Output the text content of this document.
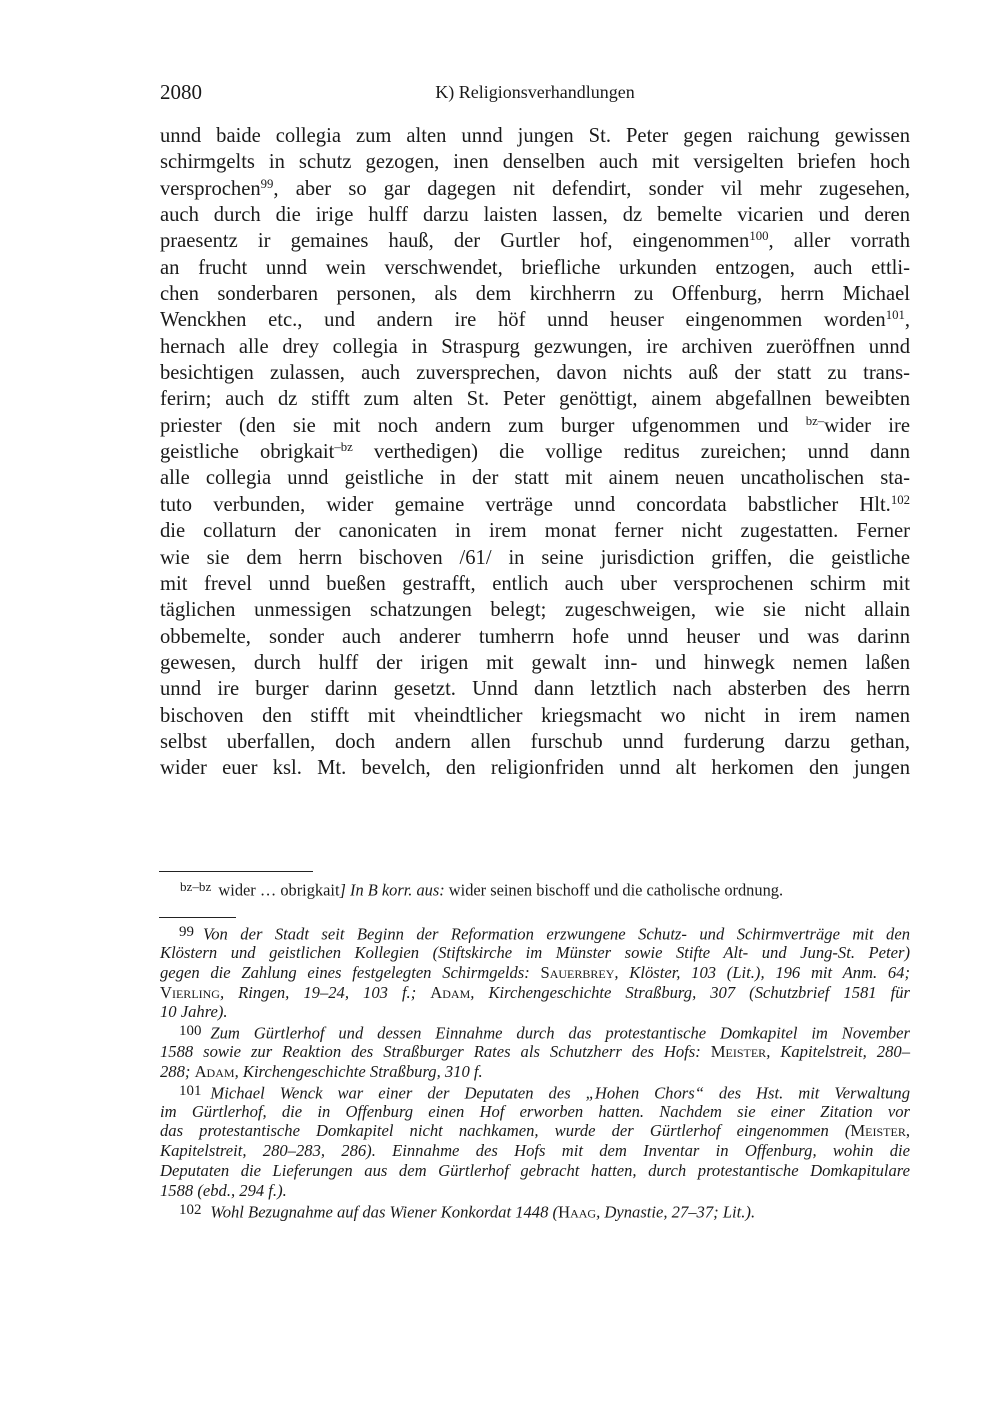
2080	K) Religionsverhandlungen
unnd baide collegia zum alten unnd jungen St. Peter gegen raichung gewissen
schirmgelts in schutz gezogen, inen denselben auch mit versigelten briefen hoch
versprochen$^{99}$, aber so gar dagegen nit defendirt, sonder vil mehr zugesehen,
auch durch die irige hulff darzu laisten lassen, dz bemelte vicarien und deren
praesentz ir gemaines hauß, der Gurtler hof, eingenommen$^{100}$, aller vorrath
an frucht unnd wein verschwendet, briefliche urkunden entzogen, auch ettli-
chen sonderbaren personen, als dem kirchherrn zu Offenburg, herrn Michael
Wenckhen etc., und andern ire höf unnd heuser eingenommen worden$^{101}$,
hernach alle drey collegia in Straspurg gezwungen, ire archiven zueröffnen unnd
besichtigen zulassen, auch zuversprechen, davon nichts auß der statt zu trans-
ferirn; auch dz stifft zum alten St. Peter genöttigt, ainem abgefallnen beweibten
priester (den sie mit noch andern zum burger ufgenommen und $^{bz-}$wider ire
geistliche obrigkait$^{-bz}$ verthedigen) die vollige reditus zureichen; unnd dann
alle collegia unnd geistliche in der statt mit ainem neuen uncatholischen sta-
tuto verbunden, wider gemaine verträge unnd concordata babstlicher Hlt.$^{102}$
die collaturn der canonicaten in irem monat ferner nicht zugestatten. Ferner
wie sie dem herrn bischoven /61/ in seine jurisdiction griffen, die geistliche
mit frevel unnd bueßen gestrafft, entlich auch uber versprochenen schirm mit
täglichen unmessigen schatzungen belegt; zugeschweigen, wie sie nicht allain
obbemelte, sonder auch anderer tumherrn hofe unnd heuser und was darinn
gewesen, durch hulff der irigen mit gewalt inn- und hinwegk nemen laßen
unnd ire burger darinn gesetzt. Unnd dann letztlich nach absterben des herrn
bischoven den stifft mit vheindtlicher kriegsmacht wo nicht in irem namen
selbst uberfallen, doch andern allen furschub unnd furderung darzu gethan,
wider euer ksl. Mt. bevelch, den religionfriden unnd alt herkomen den jungen
$^{bz-bz}$ wider … obrigkait] In B korr. aus: wider seinen bischoff und die catholische ordnung.
99 Von der Stadt seit Beginn der Reformation erzwungene Schutz- und Schirmverträge mit den
Klöstern und geistlichen Kollegien (Stiftskirche im Münster sowie Stifte Alt- und Jung-St. Peter)
gegen die Zahlung eines festgelegten Schirmgelds: Sauerbrey, Klöster, 103 (Lit.), 196 mit Anm. 64;
Vierling, Ringen, 19–24, 103 f.; Adam, Kirchengeschichte Straßburg, 307 (Schutzbrief 1581 für
10 Jahre).
100 Zum Gürtlerhof und dessen Einnahme durch das protestantische Domkapitel im November
1588 sowie zur Reaktion des Straßburger Rates als Schutzherr des Hofs: Meister, Kapitelstreit, 280–
288; Adam, Kirchengeschichte Straßburg, 310 f.
101 Michael Wenck war einer der Deputaten des „Hohen Chors“ des Hst. mit Verwaltung
im Gürtlerhof, die in Offenburg einen Hof erworben hatten. Nachdem sie einer Zitation vor
das protestantische Domkapitel nicht nachkamen, wurde der Gürtlerhof eingenommen (Meister,
Kapitelstreit, 280–283, 286). Einnahme des Hofs mit dem Inventar in Offenburg, wohin die
Deputaten die Lieferungen aus dem Gürtlerhof gebracht hatten, durch protestantische Domkapitulare
1588 (ebd., 294 f.).
102 Wohl Bezugnahme auf das Wiener Konkordat 1448 (Haag, Dynastie, 27–37; Lit.).
